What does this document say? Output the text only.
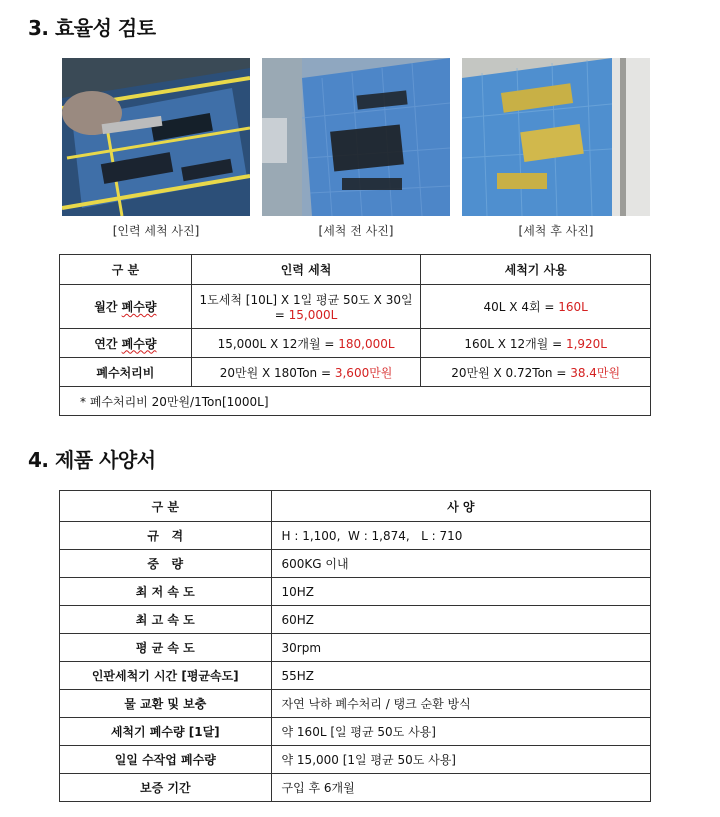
3. 효율성 검토
[인력 세척 사진]	[세척 전 사진]	[세척 후 사진]
구 분	인력 세척	세척기 사용
월간 폐수량	1도세척 [10L] X 1일 평균 50도 X 30일 = 15,000L	40L X 4회 = 160L
연간 폐수량	15,000L X 12개월 = 180,000L	160L X 12개월 = 1,920L
폐수처리비	20만원 X 180Ton = 3,600만원	20만원 X 0.72Ton = 38.4만원
* 폐수처리비 20만원/1Ton[1000L]		
4. 제품 사양서
구 분	사 양
규   격	H : 1,100,  W : 1,874,   L : 710
중   량	600KG 이내
최 저 속 도	10HZ
최 고 속 도	60HZ
평 균 속 도	30rpm
인판세척기 시간 [평균속도]	55HZ
물 교환 및 보충	자연 낙하 폐수처리 / 탱크 순환 방식
세척기 폐수량 [1달]	약 160L [일 평균 50도 사용]
일일 수작업 폐수량	약 15,000 [1일 평균 50도 사용]
보증 기간	구입 후 6개월
